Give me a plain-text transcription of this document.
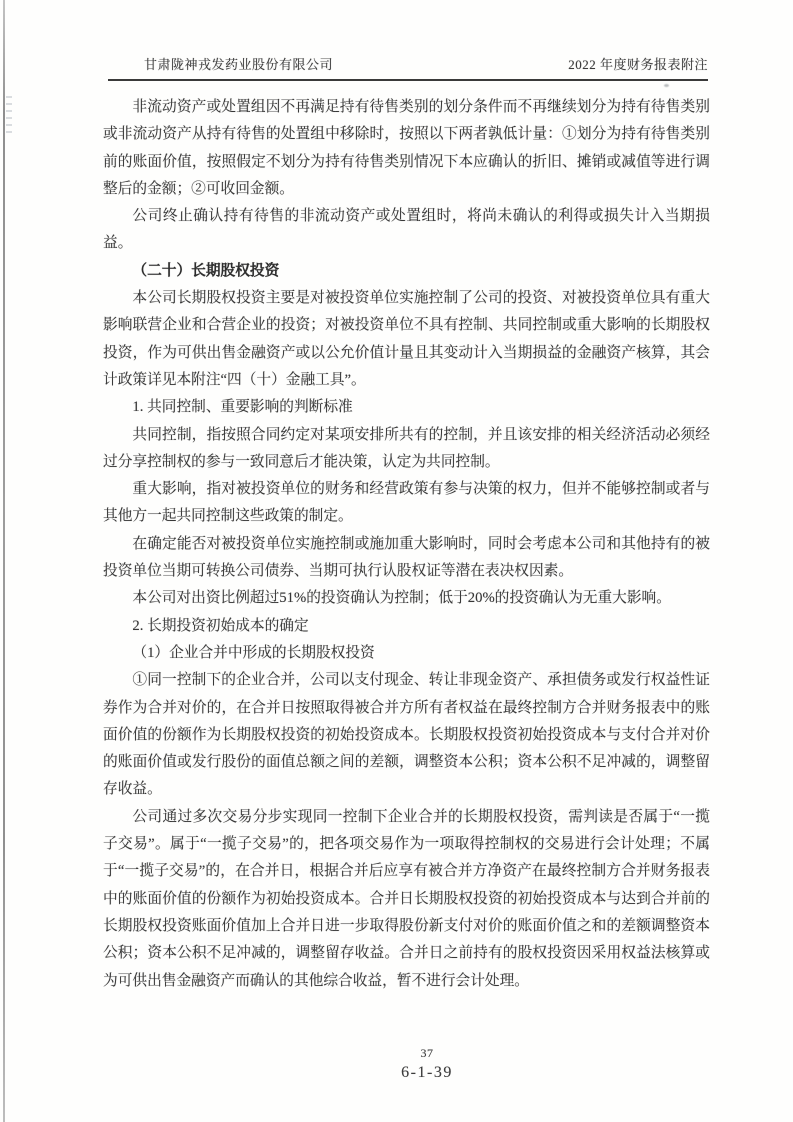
甘肃陇神戎发药业股份有限公司	2022 年度财务报表附注

非流动资产或处置组因不再满足持有待售类别的划分条件而不再继续划分为持有待售类别或非流动资产从持有待售的处置组中移除时，按照以下两者孰低计量：①划分为持有待售类别前的账面价值，按照假定不划分为持有待售类别情况下本应确认的折旧、摊销或减值等进行调整后的金额；②可收回金额。

公司终止确认持有待售的非流动资产或处置组时，将尚未确认的利得或损失计入当期损益。

（二十）长期股权投资

本公司长期股权投资主要是对被投资单位实施控制了公司的投资、对被投资单位具有重大影响联营企业和合营企业的投资；对被投资单位不具有控制、共同控制或重大影响的长期股权投资，作为可供出售金融资产或以公允价值计量且其变动计入当期损益的金融资产核算，其会计政策详见本附注“四（十）金融工具”。

1. 共同控制、重要影响的判断标准

共同控制，指按照合同约定对某项安排所共有的控制，并且该安排的相关经济活动必须经过分享控制权的参与一致同意后才能决策，认定为共同控制。

重大影响，指对被投资单位的财务和经营政策有参与决策的权力，但并不能够控制或者与其他方一起共同控制这些政策的制定。

在确定能否对被投资单位实施控制或施加重大影响时，同时会考虑本公司和其他持有的被投资单位当期可转换公司债券、当期可执行认股权证等潜在表决权因素。

本公司对出资比例超过51%的投资确认为控制；低于20%的投资确认为无重大影响。

2. 长期投资初始成本的确定

（1）企业合并中形成的长期股权投资

①同一控制下的企业合并，公司以支付现金、转让非现金资产、承担债务或发行权益性证券作为合并对价的，在合并日按照取得被合并方所有者权益在最终控制方合并财务报表中的账面价值的份额作为长期股权投资的初始投资成本。长期股权投资初始投资成本与支付合并对价的账面价值或发行股份的面值总额之间的差额，调整资本公积；资本公积不足冲减的，调整留存收益。

公司通过多次交易分步实现同一控制下企业合并的长期股权投资，需判读是否属于“一揽子交易”。属于“一揽子交易”的，把各项交易作为一项取得控制权的交易进行会计处理；不属于“一揽子交易”的，在合并日，根据合并后应享有被合并方净资产在最终控制方合并财务报表中的账面价值的份额作为初始投资成本。合并日长期股权投资的初始投资成本与达到合并前的长期股权投资账面价值加上合并日进一步取得股份新支付对价的账面价值之和的差额调整资本公积；资本公积不足冲减的，调整留存收益。合并日之前持有的股权投资因采用权益法核算或为可供出售金融资产而确认的其他综合收益，暂不进行会计处理。

37
6-1-39
